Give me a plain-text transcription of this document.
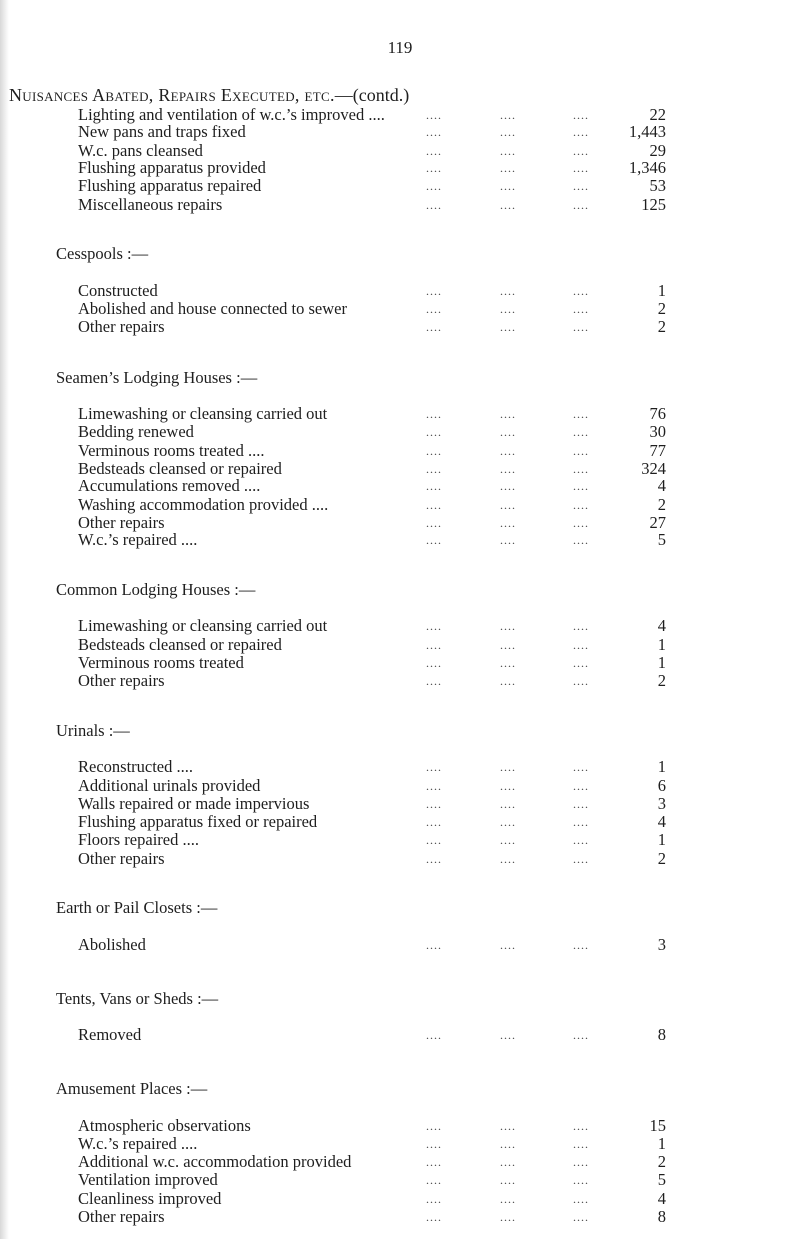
119
Nuisances Abated, Repairs Executed, etc.—(contd.)
Lighting and ventilation of w.c.’s improved ....	....	....	....	22
New pans and traps fixed	....	....	.... 1,443
W.c. pans cleansed	....	....	....	29
Flushing apparatus provided	....	....	.... 1,346
Flushing apparatus repaired	....	....	....	53
Miscellaneous repairs	....	....	....	125
Cesspools :—
Constructed	....	....	....	1
Abolished and house connected to sewer	....	....	....	2
Other repairs	....	....	....	2
Seamen’s Lodging Houses :—
Limewashing or cleansing carried out	....	....	....	76
Bedding renewed	....	....	....	30
Verminous rooms treated ....	....	....	....	77
Bedsteads cleansed or repaired	....	....	....	324
Accumulations removed ....	....	....	....	4
Washing accommodation provided ....	....	....	....	2
Other repairs	....	....	....	27
W.c.’s repaired ....	....	....	....	5
Common Lodging Houses :—
Limewashing or cleansing carried out	....	....	....	4
Bedsteads cleansed or repaired	....	....	....	1
Verminous rooms treated	....	....	....	1
Other repairs	....	....	....	2
Urinals :—
Reconstructed ....	....	....	....	1
Additional urinals provided	....	....	....	6
Walls repaired or made impervious	....	....	....	3
Flushing apparatus fixed or repaired	....	....	....	4
Floors repaired ....	....	....	....	1
Other repairs	....	....	....	2
Earth or Pail Closets :—
Abolished	....	....	....	3
Tents, Vans or Sheds :—
Removed	....	....	....	8
Amusement Places :—
Atmospheric observations	....	....	....	15
W.c.’s repaired ....	....	....	....	1
Additional w.c. accommodation provided	....	....	....	2
Ventilation improved	....	....	....	5
Cleanliness improved	....	....	....	4
Other repairs	....	....	....	8
